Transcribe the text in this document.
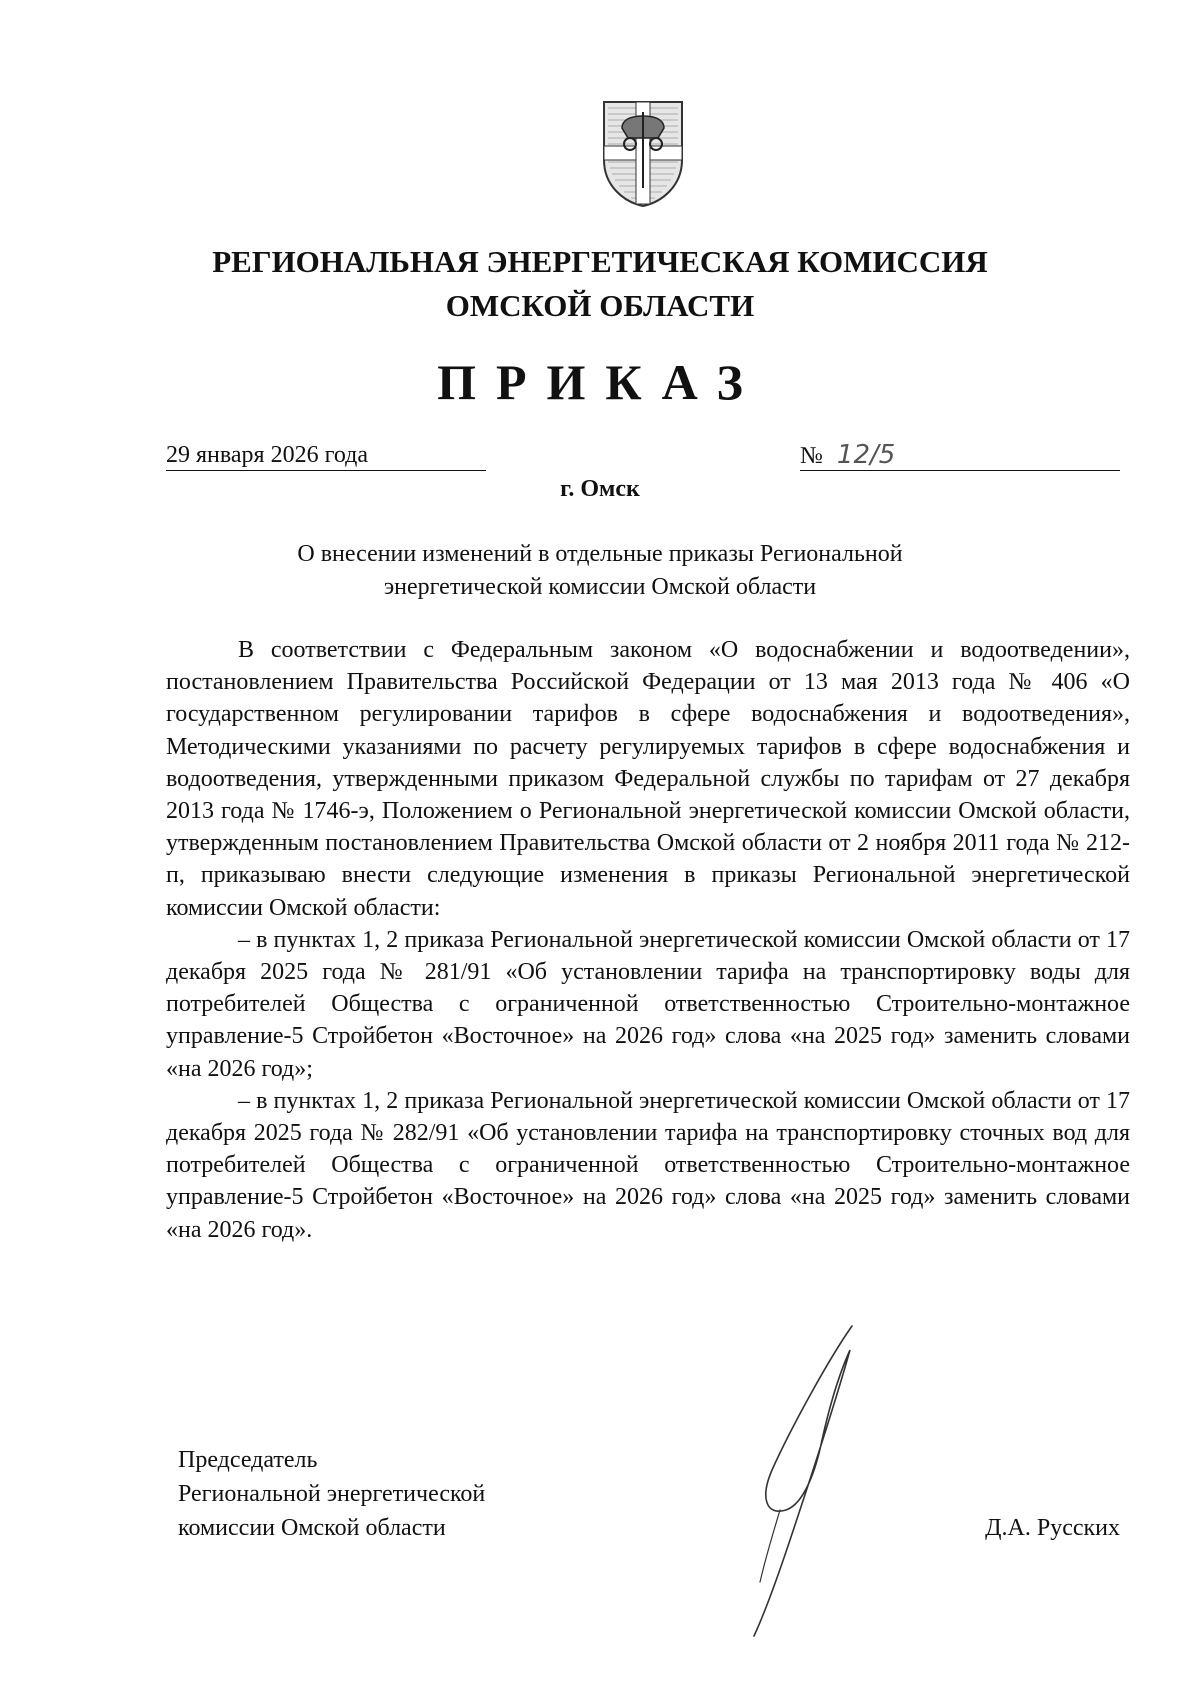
РЕГИОНАЛЬНАЯ ЭНЕРГЕТИЧЕСКАЯ КОМИССИЯ
ОМСКОЙ ОБЛАСТИ
ПРИКАЗ
29 января 2026 года	№ 12/5
г. Омск
О внесении изменений в отдельные приказы Региональной
энергетической комиссии Омской области

В соответствии с Федеральным законом «О водоснабжении и водоотведении», постановлением Правительства Российской Федерации от 13 мая 2013 года № 406 «О государственном регулировании тарифов в сфере водоснабжения и водоотведения», Методическими указаниями по расчету регулируемых тарифов в сфере водоснабжения и водоотведения, утвержденными приказом Федеральной службы по тарифам от 27 декабря 2013 года № 1746-э, Положением о Региональной энергетической комиссии Омской области, утвержденным постановлением Правительства Омской области от 2 ноября 2011 года № 212-п, приказываю внести следующие изменения в приказы Региональной энергетической комиссии Омской области:

– в пунктах 1, 2 приказа Региональной энергетической комиссии Омской области от 17 декабря 2025 года № 281/91 «Об установлении тарифа на транспортировку воды для потребителей Общества с ограниченной ответственностью Строительно-монтажное управление-5 Стройбетон «Восточное» на 2026 год» слова «на 2025 год» заменить словами «на 2026 год»;

– в пунктах 1, 2 приказа Региональной энергетической комиссии Омской области от 17 декабря 2025 года № 282/91 «Об установлении тарифа на транспортировку сточных вод для потребителей Общества с ограниченной ответственностью Строительно-монтажное управление-5 Стройбетон «Восточное» на 2026 год» слова «на 2025 год» заменить словами «на 2026 год».

Председатель
Региональной энергетической
комиссии Омской области	Д.А. Русских
